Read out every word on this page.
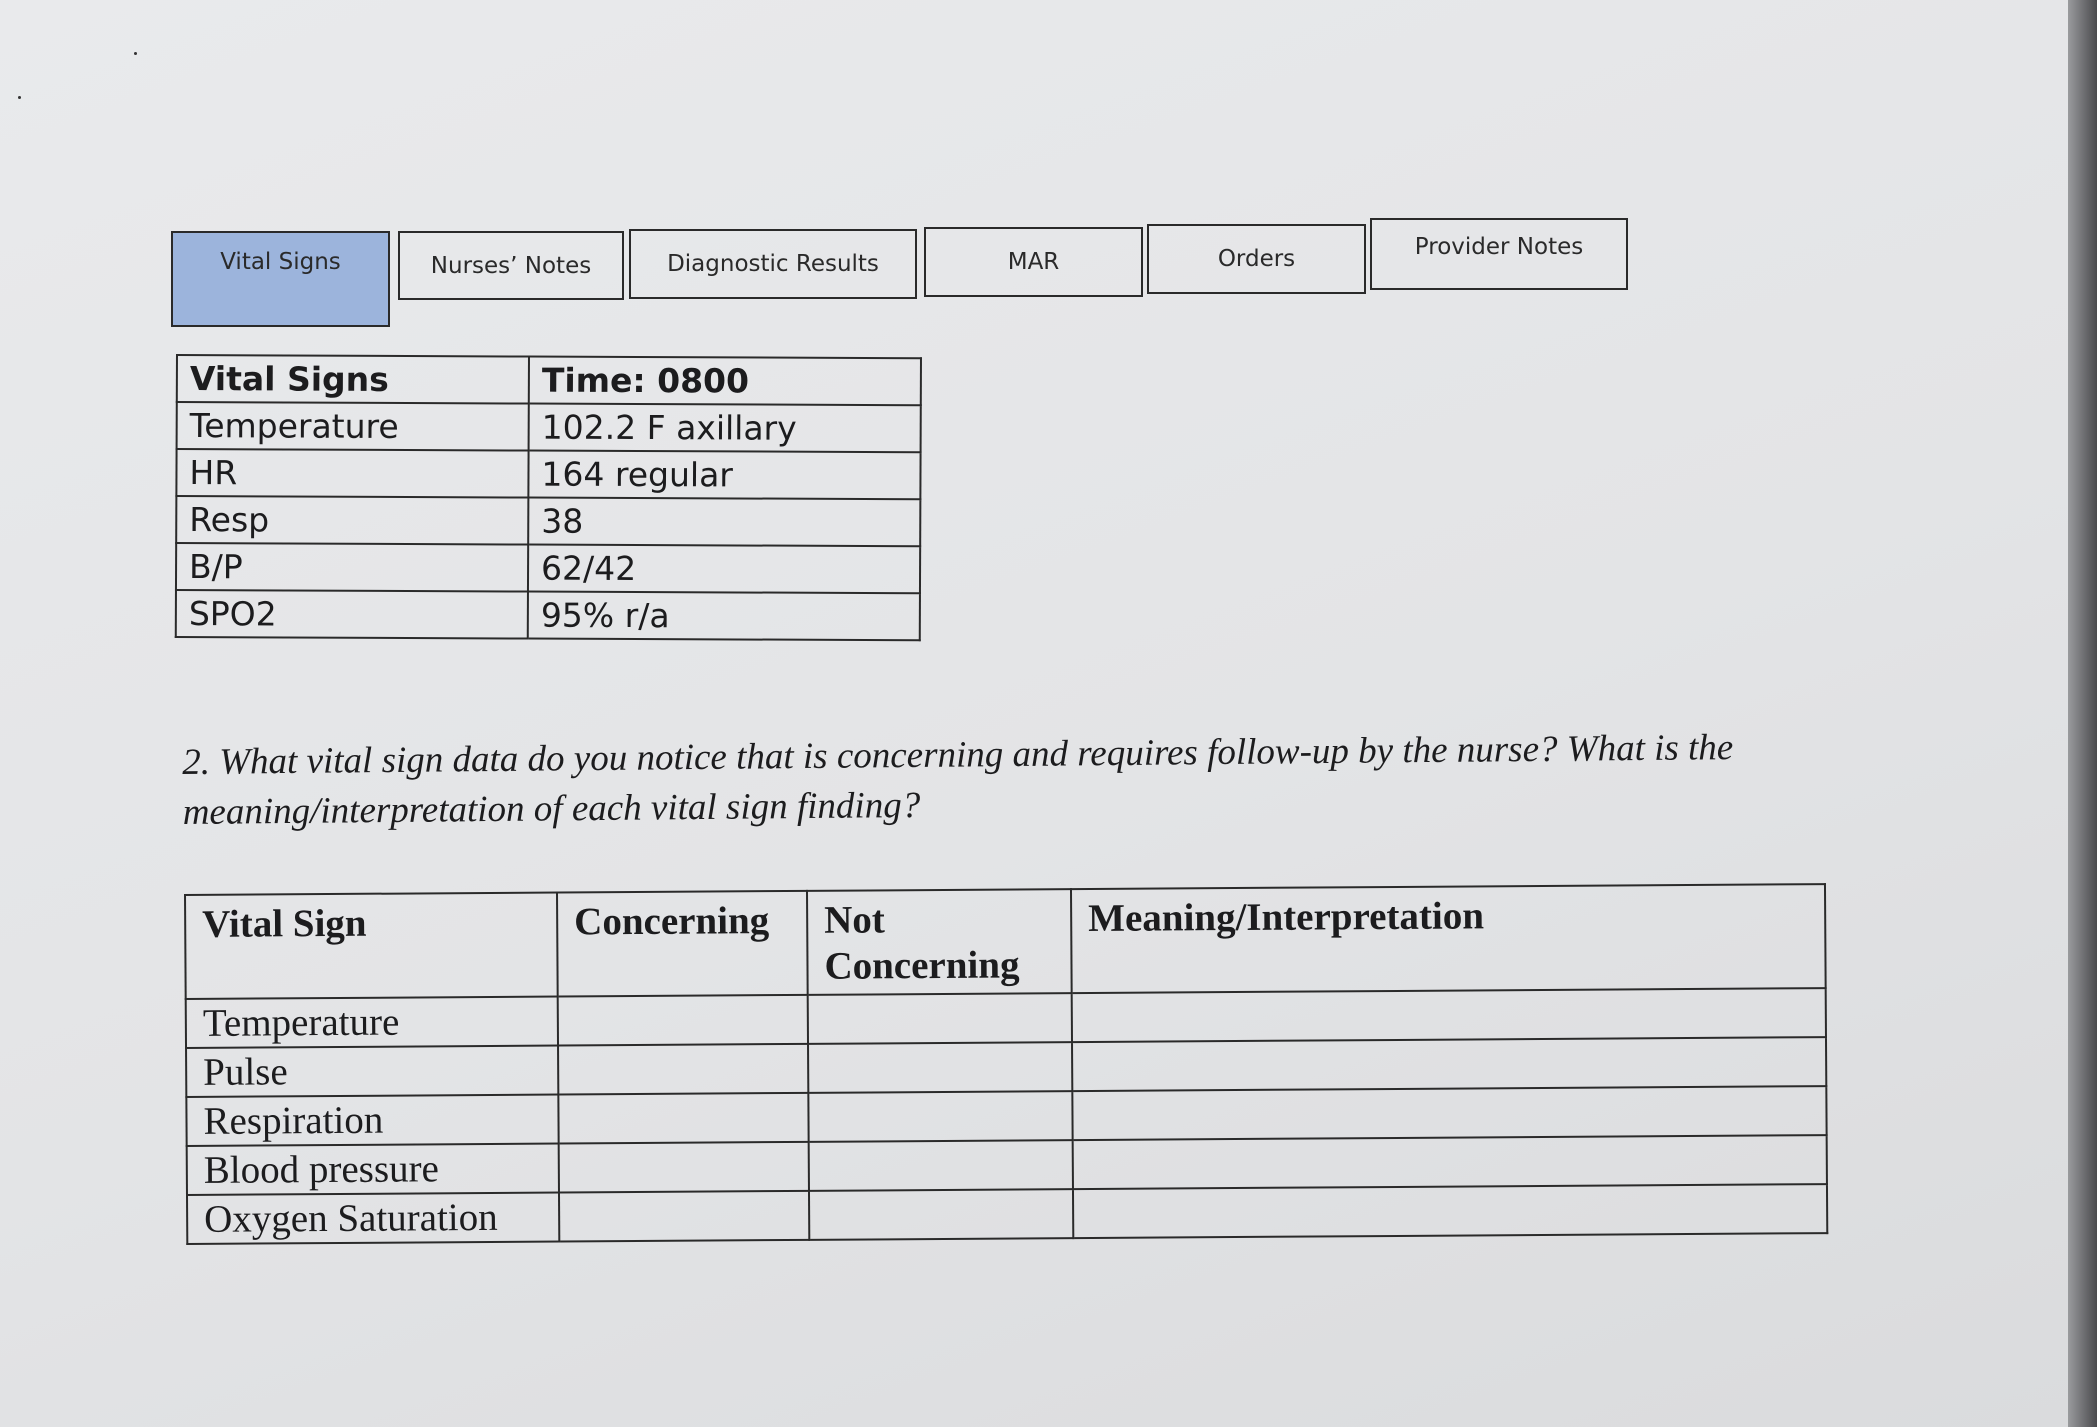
Vital Signs	Nurses’ Notes	Diagnostic Results	MAR	Orders	Provider Notes
Vital Signs	Time: 0800
Temperature	102.2 F axillary
HR	164 regular
Resp	38
B/P	62/42
SPO2	95% r/a

2. What vital sign data do you notice that is concerning and requires follow-up by the nurse? What is the meaning/interpretation of each vital sign finding?

Vital Sign	Concerning	Not Concerning	Meaning/Interpretation
Temperature			
Pulse			
Respiration			
Blood pressure			
Oxygen Saturation			
